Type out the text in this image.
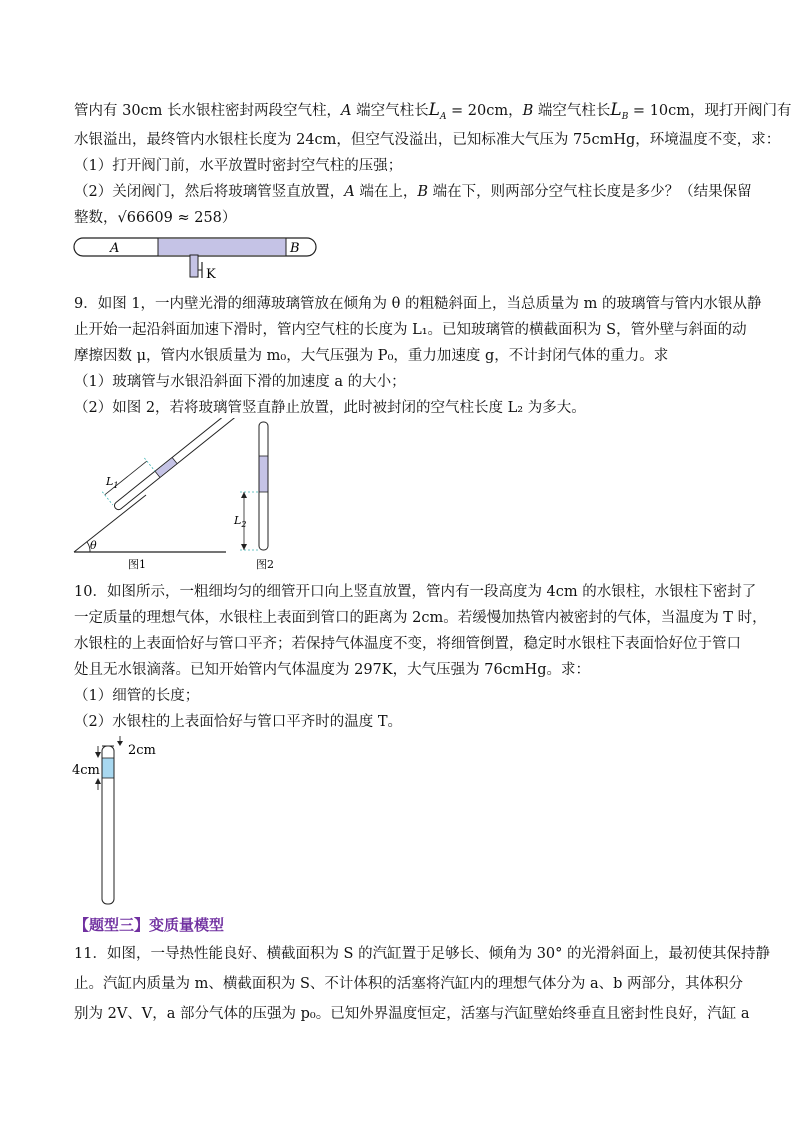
管内有 30cm 长水银柱密封两段空气柱，A 端空气柱长$L_A = 20cm$，B 端空气柱长$L_B = 10cm$，现打开阀门有
水银溢出，最终管内水银柱长度为 24cm，但空气没溢出，已知标准大气压为 75cmHg，环境温度不变，求：
（1）打开阀门前，水平放置时密封空气柱的压强；
（2）关闭阀门，然后将玻璃管竖直放置，A 端在上，B 端在下，则两部分空气柱长度是多少？（结果保留
整数，√66609 ≈ 258）
A	B
K
9．如图 1，一内壁光滑的细薄玻璃管放在倾角为 θ 的粗糙斜面上，当总质量为 m 的玻璃管与管内水银从静
止开始一起沿斜面加速下滑时，管内空气柱的长度为 L₁。已知玻璃管的横截面积为 S，管外壁与斜面的动
摩擦因数 μ，管内水银质量为 m₀，大气压强为 P₀，重力加速度 g，不计封闭气体的重力。求
（1）玻璃管与水银沿斜面下滑的加速度 a 的大小；
（2）如图 2，若将玻璃管竖直静止放置，此时被封闭的空气柱长度 L₂ 为多大。
θ
$L_1$
图1
$L_2$
图2
10．如图所示，一粗细均匀的细管开口向上竖直放置，管内有一段高度为 4cm 的水银柱，水银柱下密封了
一定质量的理想气体，水银柱上表面到管口的距离为 2cm。若缓慢加热管内被密封的气体，当温度为 T 时，
水银柱的上表面恰好与管口平齐；若保持气体温度不变，将细管倒置，稳定时水银柱下表面恰好位于管口
处且无水银滴落。已知开始管内气体温度为 297K，大气压强为 76cmHg。求：
（1）细管的长度；
（2）水银柱的上表面恰好与管口平齐时的温度 T。
2cm
4cm
【题型三】变质量模型
11．如图，一导热性能良好、横截面积为 S 的汽缸置于足够长、倾角为 30° 的光滑斜面上，最初使其保持静
止。汽缸内质量为 m、横截面积为 S、不计体积的活塞将汽缸内的理想气体分为 a、b 两部分，其体积分
别为 2V、V，a 部分气体的压强为 p₀。已知外界温度恒定，活塞与汽缸壁始终垂直且密封性良好，汽缸 a
